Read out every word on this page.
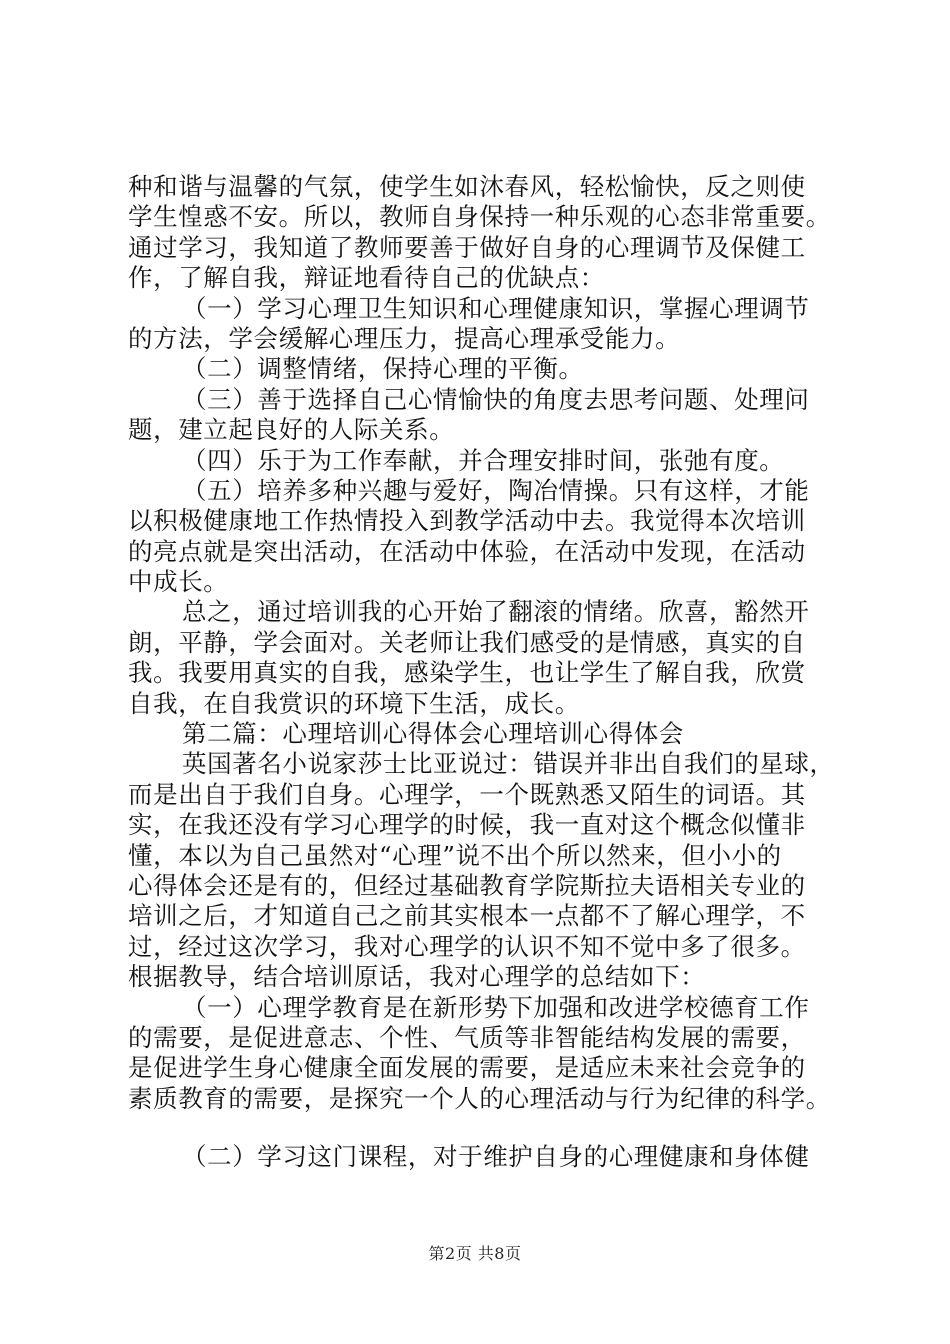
种和谐与温馨的气氛，使学生如沐春风，轻松愉快，反之则使
学生惶惑不安。所以，教师自身保持一种乐观的心态非常重要。
通过学习，我知道了教师要善于做好自身的心理调节及保健工
作，了解自我，辩证地看待自己的优缺点：
（一）学习心理卫生知识和心理健康知识，掌握心理调节
的方法，学会缓解心理压力，提高心理承受能力。
（二）调整情绪，保持心理的平衡。
（三）善于选择自己心情愉快的角度去思考问题、处理问
题，建立起良好的人际关系。
（四）乐于为工作奉献，并合理安排时间，张弛有度。
（五）培养多种兴趣与爱好，陶冶情操。只有这样，才能
以积极健康地工作热情投入到教学活动中去。我觉得本次培训
的亮点就是突出活动，在活动中体验，在活动中发现，在活动
中成长。
总之，通过培训我的心开始了翻滚的情绪。欣喜，豁然开
朗，平静，学会面对。关老师让我们感受的是情感，真实的自
我。我要用真实的自我，感染学生，也让学生了解自我，欣赏
自我，在自我赏识的环境下生活，成长。
第二篇：心理培训心得体会心理培训心得体会
英国著名小说家莎士比亚说过：错误并非出自我们的星球，
而是出自于我们自身。心理学，一个既熟悉又陌生的词语。其
实，在我还没有学习心理学的时候，我一直对这个概念似懂非
懂，本以为自己虽然对“心理”说不出个所以然来，但小小的
心得体会还是有的，但经过基础教育学院斯拉夫语相关专业的
培训之后，才知道自己之前其实根本一点都不了解心理学，不
过，经过这次学习，我对心理学的认识不知不觉中多了很多。
根据教导，结合培训原话，我对心理学的总结如下：
（一）心理学教育是在新形势下加强和改进学校德育工作
的需要，是促进意志、个性、气质等非智能结构发展的需要，
是促进学生身心健康全面发展的需要，是适应未来社会竞争的
素质教育的需要，是探究一个人的心理活动与行为纪律的科学。
（二）学习这门课程，对于维护自身的心理健康和身体健
第2页 共8页
